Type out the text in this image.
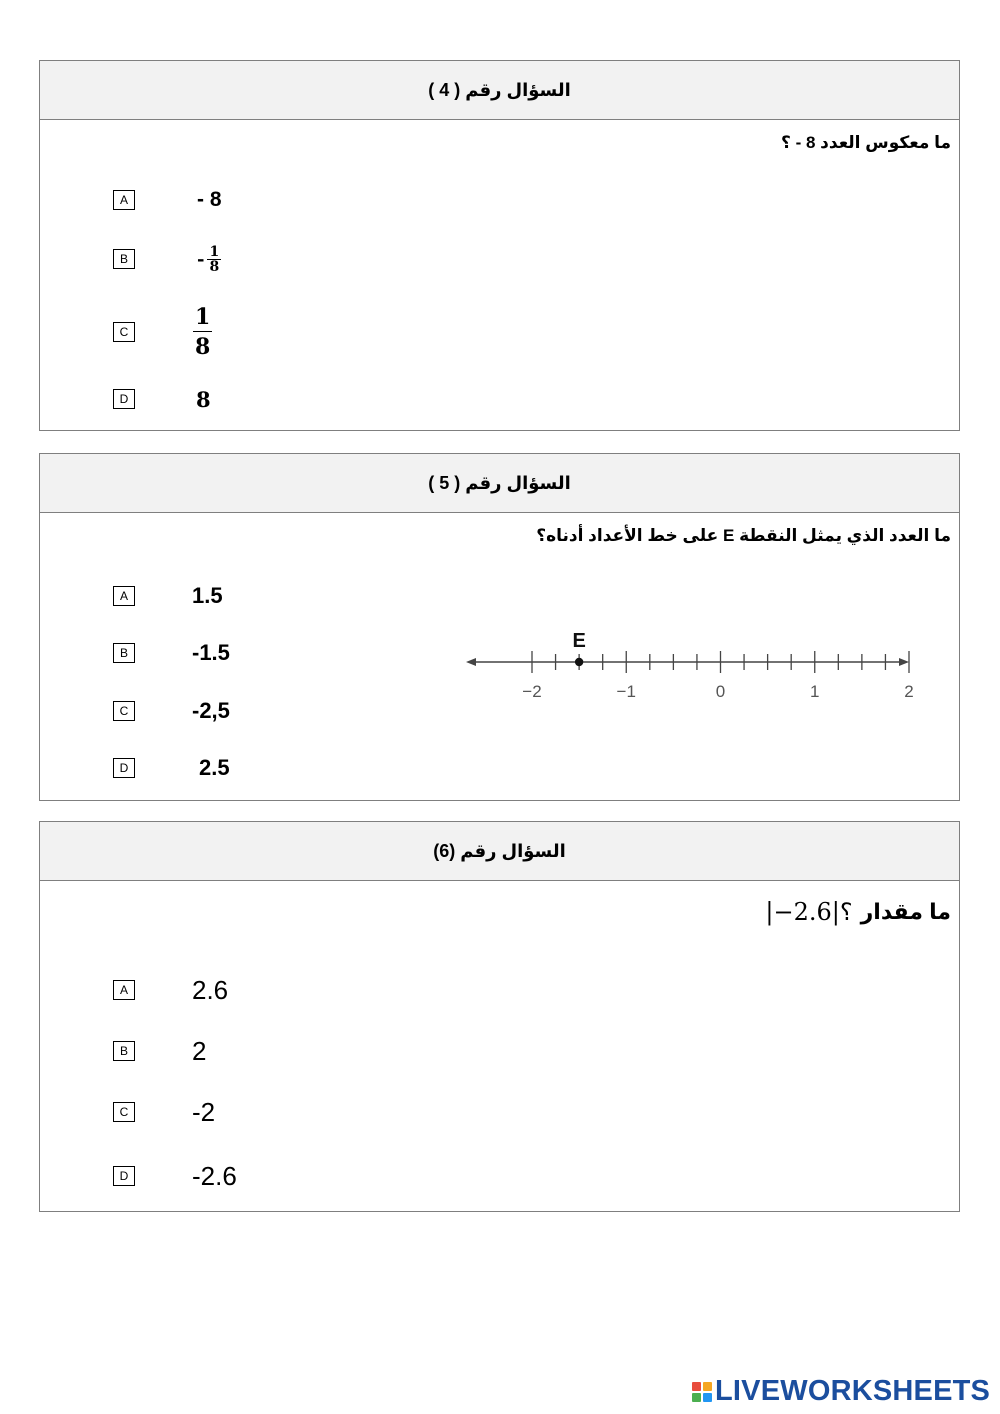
السؤال رقم ( 4 )
ما معكوس العدد 8 - ؟
A	- 8
B	- $\frac{1}{8}$
C	$\frac{1}{8}$
D	8
السؤال رقم ( 5 )
ما العدد الذي يمثل النقطة E على خط الأعداد أدناه؟
A	1.5
B	-1.5
C	-2,5
D	2.5
−2	−1	0	1	2
E
السؤال رقم (6)
ما مقدار
|−2.6|؟
A 2.6
B 2
C -2
D -2.6
LIVEWORKSHEETS
